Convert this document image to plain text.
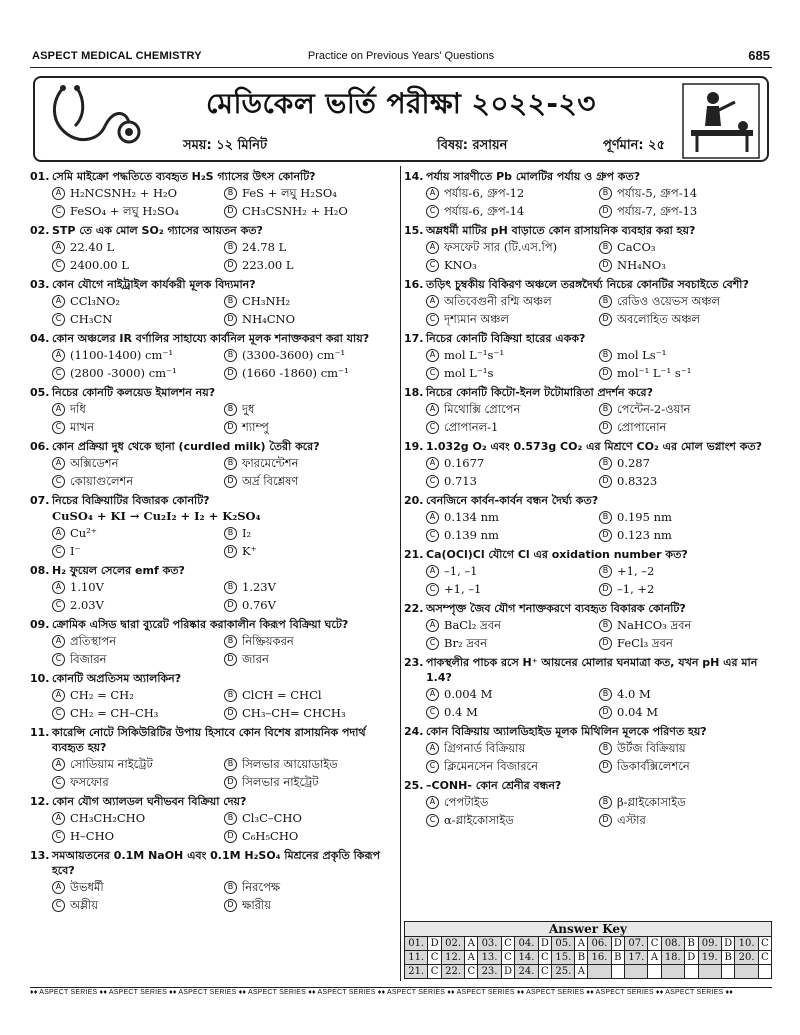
ASPECT MEDICAL CHEMISTRY	Practice on Previous Years' Questions	685
মেডিকেল ভর্তি পরীক্ষা ২০২২-২৩
সময়: ১২ মিনিট	বিষয়: রসায়ন	পূর্ণমান: ২৫
01. সেমি মাইক্রো পদ্ধতিতে ব্যবহৃত H₂S গ্যাসের উৎস কোনটি?
A H₂NCSNH₂ + H₂O	B FeS + লঘু H₂SO₄
C FeSO₄ + লঘু H₂SO₄	D CH₃CSNH₂ + H₂O
02. STP তে এক মোল SO₂ গ্যাসের আয়তন কত?
A 22.40 L	B 24.78 L
C 2400.00 L	D 223.00 L
03. কোন যৌগে নাইট্রাইল কার্যকরী মূলক বিদ্যমান?
A CCl₃NO₂	B CH₃NH₂
C CH₃CN	D NH₄CNO
04. কোন অঞ্চলের IR বর্ণালির সাহায্যে কার্বনিল মূলক শনাক্তকরণ করা যায়?
A (1100-1400) cm⁻¹	B (3300-3600) cm⁻¹
C (2800 -3000) cm⁻¹	D (1660 -1860) cm⁻¹
05. নিচের কোনটি কলয়েড ইমালশন নয়?
A দধি	B দুধ
C মাখন	D শ্যাম্পু
06. কোন প্রক্রিয়া দুধ থেকে ছানা (curdled milk) তৈরী করে?
A অক্সিডেশন	B ফারমেন্টেশন
C কোয়াগুলেশন	D অর্দ্র বিশ্লেষণ
07. নিচের বিক্রিয়াটির বিজারক কোনটি?
CuSO₄ + KI → Cu₂I₂ + I₂ + K₂SO₄
A Cu²⁺	B I₂
C I⁻	D K⁺
08. H₂ ফুয়েল সেলের emf কত?
A 1.10V	B 1.23V
C 2.03V	D 0.76V
09. ক্রোমিক এসিড দ্বারা ব্যুরেট পরিষ্কার করাকালীন কিরূপ বিক্রিয়া ঘটে?
A প্রতিস্থাপন	B নিষ্ক্রিয়করন
C বিজারন	D জারন
10. কোনটি অপ্রতিসম অ্যালকিন?
A CH₂ = CH₂	B ClCH = CHCl
C CH₂ = CH–CH₃	D CH₃–CH= CHCH₃
11. কারেন্সি নোটে সিকিউরিটির উপায় হিসাবে কোন বিশেষ রাসায়নিক পদার্থ ব্যবহৃত হয়?
A সোডিয়াম নাইট্রেট	B সিলভার আয়োডাইড
C ফসফোর	D সিলভার নাইট্রেট
12. কোন যৌগ অ্যালডল ঘনীভবন বিক্রিয়া দেয়?
A CH₃CH₂CHO	B Cl₃C–CHO
C H–CHO	D C₆H₅CHO
13. সমআয়তনের 0.1M NaOH এবং 0.1M H₂SO₄ মিশ্রনের প্রকৃতি কিরূপ হবে?
A উভধর্মী	B নিরপেক্ষ
C অম্লীয়	D ক্ষারীয়
14. পর্যায় সারণীতে Pb মোলটির পর্যায় ও গ্রুপ কত?
A পর্যায়-6, গ্রুপ-12	B পর্যায়-5, গ্রুপ-14
C পর্যায়-6, গ্রুপ-14	D পর্যায়-7, গ্রুপ-13
15. অম্লধর্মী মাটির pH বাড়াতে কোন রাসায়নিক ব্যবহার করা হয়?
A ফসফেট সার (টি.এস.পি)	B CaCO₃
C KNO₃	D NH₄NO₃
16. তড়িৎ চুম্বকীয় বিকিরণ অঞ্চলে তরঙ্গদৈর্ঘ্য নিচের কোনটির সবচাইতে বেশী?
A অতিবেগুনী রশ্মি অঞ্চল	B রেডিও ওয়েভস অঞ্চল
C দৃশ্যমান অঞ্চল	D অবলোহিত অঞ্চল
17. নিচের কোনটি বিক্রিয়া হারের একক?
A mol L⁻¹s⁻¹	B mol Ls⁻¹
C mol L⁻¹s	D mol⁻¹ L⁻¹ s⁻¹
18. নিচের কোনটি কিটো-ইনল টটোমারিতা প্রদর্শন করে?
A মিথোক্সি প্রোপেন	B পেন্টেন-2-ওয়ান
C প্রোপানল-1	D প্রোপানোন
19. 1.032g O₂ এবং 0.573g CO₂ এর মিশ্রণে CO₂ এর মোল ভগ্নাংশ কত?
A 0.1677	B 0.287
C 0.713	D 0.8323
20. বেনজিনে কার্বন-কার্বন বন্ধন দৈর্ঘ্য কত?
A 0.134 nm	B 0.195 nm
C 0.139 nm	D 0.123 nm
21. Ca(OCl)Cl যৌগে Cl এর oxidation number কত?
A –1, –1	B +1, –2
C +1, –1	D –1, +2
22. অসম্পৃক্ত জৈব যৌগ শনাক্তকরণে ব্যবহৃত বিকারক কোনটি?
A BaCl₂ দ্রবন	B NaHCO₃ দ্রবন
C Br₂ দ্রবন	D FeCl₃ দ্রবন
23. পাকস্থলীর পাচক রসে H⁺ আয়নের মোলার ঘনমাত্রা কত, যখন pH এর মান 1.4?
A 0.004 M	B 4.0 M
C 0.4 M	D 0.04 M
24. কোন বিক্রিয়ায় অ্যালডিহাইড মূলক মিথিলিন মূলকে পরিণত হয়?
A গ্রিগনার্ড বিক্রিয়ায়	B উর্টজ বিক্রিয়ায়
C ক্লিমেনসেন বিজারনে	D ডিকার্বক্সিলেশনে
25. –CONH- কোন শ্রেনীর বন্ধন?
A পেপটাইড	B β-গ্লাইকোসাইড
C α-গ্লাইকোসাইড	D এস্টার
Answer Key
01.	D	02.	A	03.	C	04.	D	05.	A	06.	D	07.	C	08.	B	09.	D	10.	C
11.	C	12.	A	13.	C	14.	C	15.	B	16.	B	17.	A	18.	D	19.	B	20.	C
21.	C	22.	C	23.	D	24.	C	25.	A										
♦♦ ASPECT SERIES ♦♦ ASPECT SERIES ♦♦ ASPECT SERIES ♦♦ ASPECT SERIES ♦♦ ASPECT SERIES ♦♦ ASPECT SERIES ♦♦ ASPECT SERIES ♦♦ ASPECT SERIES ♦♦ ASPECT SERIES ♦♦ ASPECT SERIES ♦♦
